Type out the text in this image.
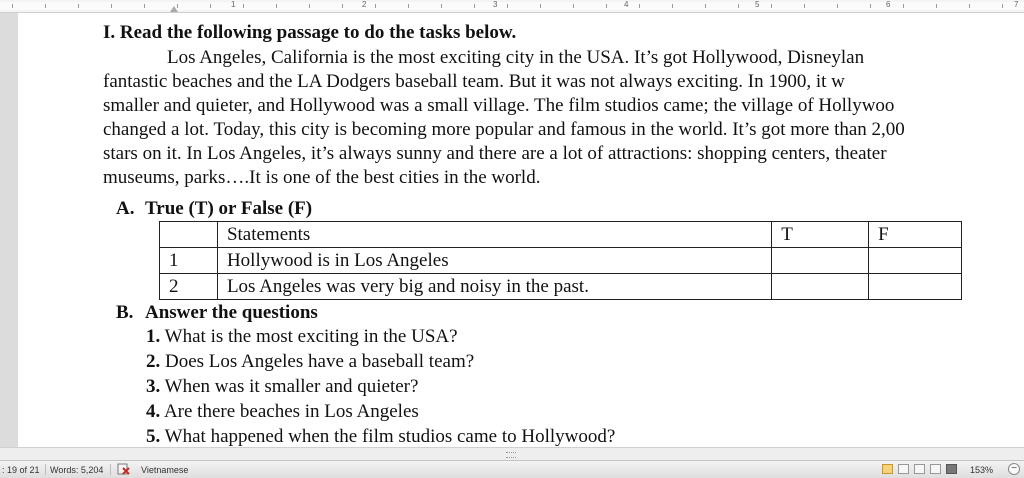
1	2	3	4	5	6	7
I. Read the following passage to do the tasks below.
Los Angeles, California is the most exciting city in the USA. It’s got Hollywood, Disneylan
fantastic beaches and the LA Dodgers baseball team. But it was not always exciting. In 1900, it w
smaller and quieter, and Hollywood was a small village. The film studios came; the village of Hollywoo
changed a lot. Today, this city is becoming more popular and famous in the world. It’s got more than 2,00
stars on it. In Los Angeles, it’s always sunny and there are a lot of attractions: shopping centers, theater
museums, parks….It is one of the best cities in the world.
A. True (T) or False (F)
	Statements	T	F
1	Hollywood is in Los Angeles		
2	Los Angeles was very big and noisy in the past.		
B. Answer the questions
1. What is the most exciting in the USA?
2. Does Los Angeles have a baseball team?
3. When was it smaller and quieter?
4. Are there beaches in Los Angeles
5. What happened when the film studios came to Hollywood?
: 19 of 21 Words: 5,204	Vietnamese	153%	−
